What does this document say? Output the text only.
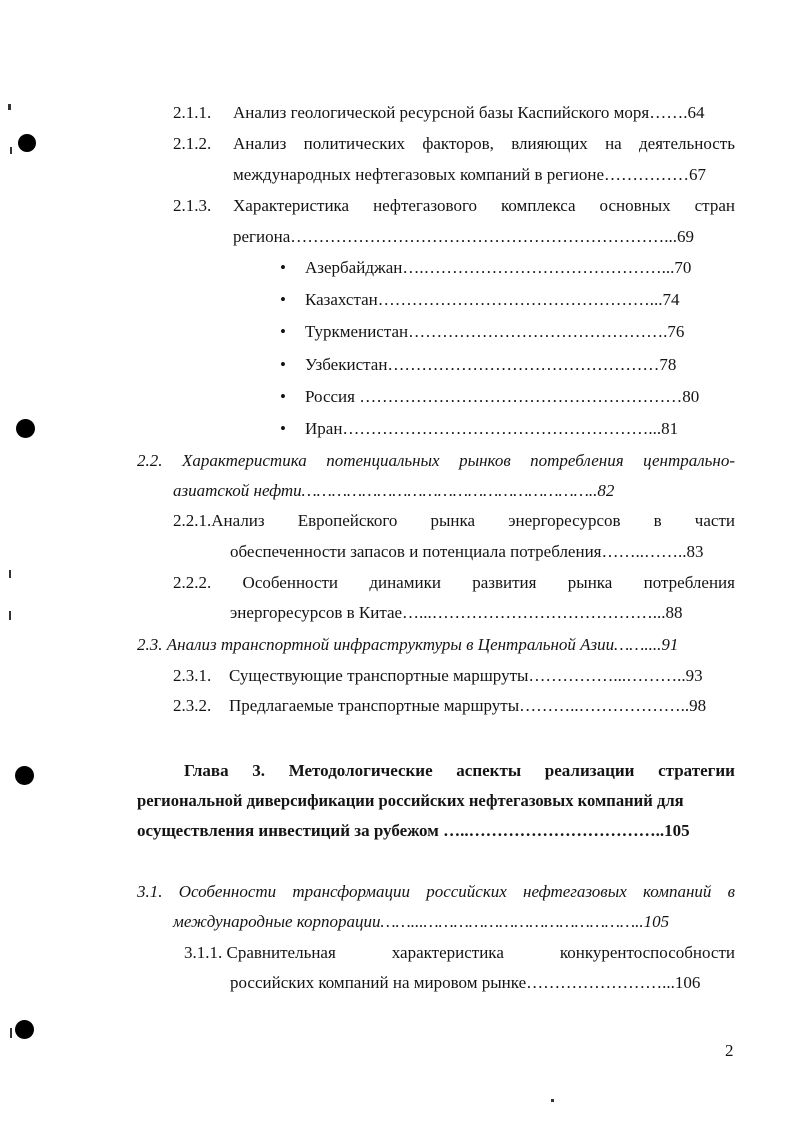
2.1.1. Анализ геологической ресурсной базы Каспийского моря…….64
2.1.2. Анализ политических факторов, влияющих на деятельность
международных нефтегазовых компаний в регионе……………67
2.1.3. Характеристика нефтегазового комплекса основных стран
региона…………………………………………………………...69
• Азербайджан….……………………………………...70
• Казахстан…………………………………………...74
• Туркменистан……………………………………….76
• Узбекистан…………………………………………78
• Россия …………………………………………………80
• Иран………………………………………………...81
2.2. Характеристика потенциальных рынков потребления центрально-
азиатской нефти…………………………………………………..82
2.2.1.Анализ Европейского рынка энергоресурсов в части
обеспеченности запасов и потенциала потребления……..……..83
2.2.2. Особенности динамики развития рынка потребления
энергоресурсов в Китае…...…………………………………...88
2.3. Анализ транспортной инфраструктуры в Центральной Азии……....91
2.3.1. Существующие транспортные маршруты……………...………..93
2.3.2. Предлагаемые транспортные маршруты………..………………..98
Глава 3. Методологические аспекты реализации стратегии
региональной диверсификации российских нефтегазовых компаний для
осуществления инвестиций за рубежом …..……………………………..105
3.1. Особенности трансформации российских нефтегазовых компаний в
международные корпорации……...……………………………………..105
3.1.1. Сравнительная	характеристика	конкурентоспособности
российских компаний на мировом рынке……………………...106
2
